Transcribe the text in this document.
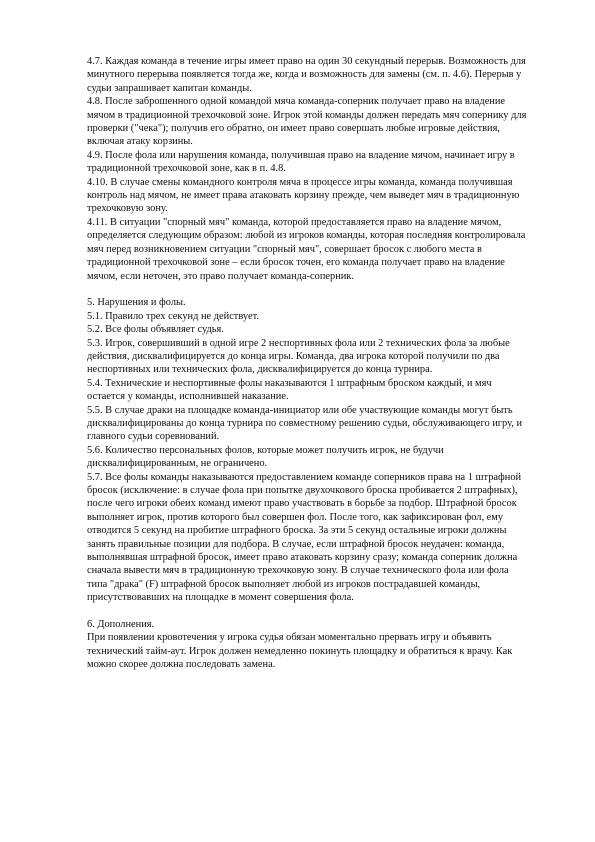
4.7. Каждая команда в течение игры имеет право на один 30 секундный перерыв. Возможность для минутного перерыва появляется тогда же, когда и возможность для замены (см. п. 4.6). Перерыв у судьи запрашивает капитан команды.

4.8. После заброшенного одной командой мяча команда-соперник получает право на владение мячом в традиционной трехочковой зоне. Игрок этой команды должен передать мяч сопернику для проверки ("чека"); получив его обратно, он имеет право совершать любые игровые действия, включая атаку корзины.

4.9. После фола или нарушения команда, получившая право на владение мячом, начинает игру в традиционной трехочковой зоне, как в п. 4.8.

4.10. В случае смены командного контроля мяча в процессе игры команда, команда получившая контроль над мячом, не имеет права атаковать корзину прежде, чем выведет мяч в традиционную трехочковую зону.

4.11. В ситуации "спорный мяч" команда, которой предоставляется право на владение мячом, определяется следующим образом: любой из игроков команды, которая последняя контролировала мяч перед возникновением ситуации "спорный мяч", совершает бросок с любого места в традиционной трехочковой зоне – если бросок точен, его команда получает право на владение мячом, если неточен, это право получает команда-соперник.

5. Нарушения и фолы.

5.1. Правило трех секунд не действует.

5.2. Все фолы объявляет судья.

5.3. Игрок, совершивший в одной игре 2 неспортивных фола или 2 технических фола за любые действия, дисквалифицируется до конца игры. Команда, два игрока которой получили по два неспортивных или технических фола, дисквалифицируется до конца турнира.

5.4. Технические и неспортивные фолы наказываются 1 штрафным броском каждый, и мяч остается у команды, исполнившей наказание.

5.5. В случае драки на площадке команда-инициатор или обе участвующие команды могут быть дисквалифицированы до конца турнира по совместному решению судьи, обслуживающего игру, и главного судьи соревнований.

5.6. Количество персональных фолов, которые может получить игрок, не будучи дисквалифицированным, не ограничено.

5.7. Все фолы команды наказываются предоставлением команде соперников права на 1 штрафной бросок (исключение: в случае фола при попытке двухочкового броска пробивается 2 штрафных), после чего игроки обеих команд имеют право участвовать в борьбе за подбор. Штрафной бросок выполняет игрок, против которого был совершен фол. После того, как зафиксирован фол, ему отводится 5 секунд на пробитие штрафного броска. За эти 5 секунд остальные игроки должны занять правильные позиции для подбора. В случае, если штрафной бросок неудачен: команда, выполнявшая штрафной бросок, имеет право атаковать корзину сразу; команда соперник должна сначала вывести мяч в традиционную трехочковую зону. В случае технического фола или фола типа "драка" (F) штрафной бросок выполняет любой из игроков пострадавшей команды, присутствовавших на площадке в момент совершения фола.

6. Дополнения.

При появлении кровотечения у игрока судья обязан моментально прервать игру и объявить технический тайм-аут. Игрок должен немедленно покинуть площадку и обратиться к врачу. Как можно скорее должна последовать замена.
